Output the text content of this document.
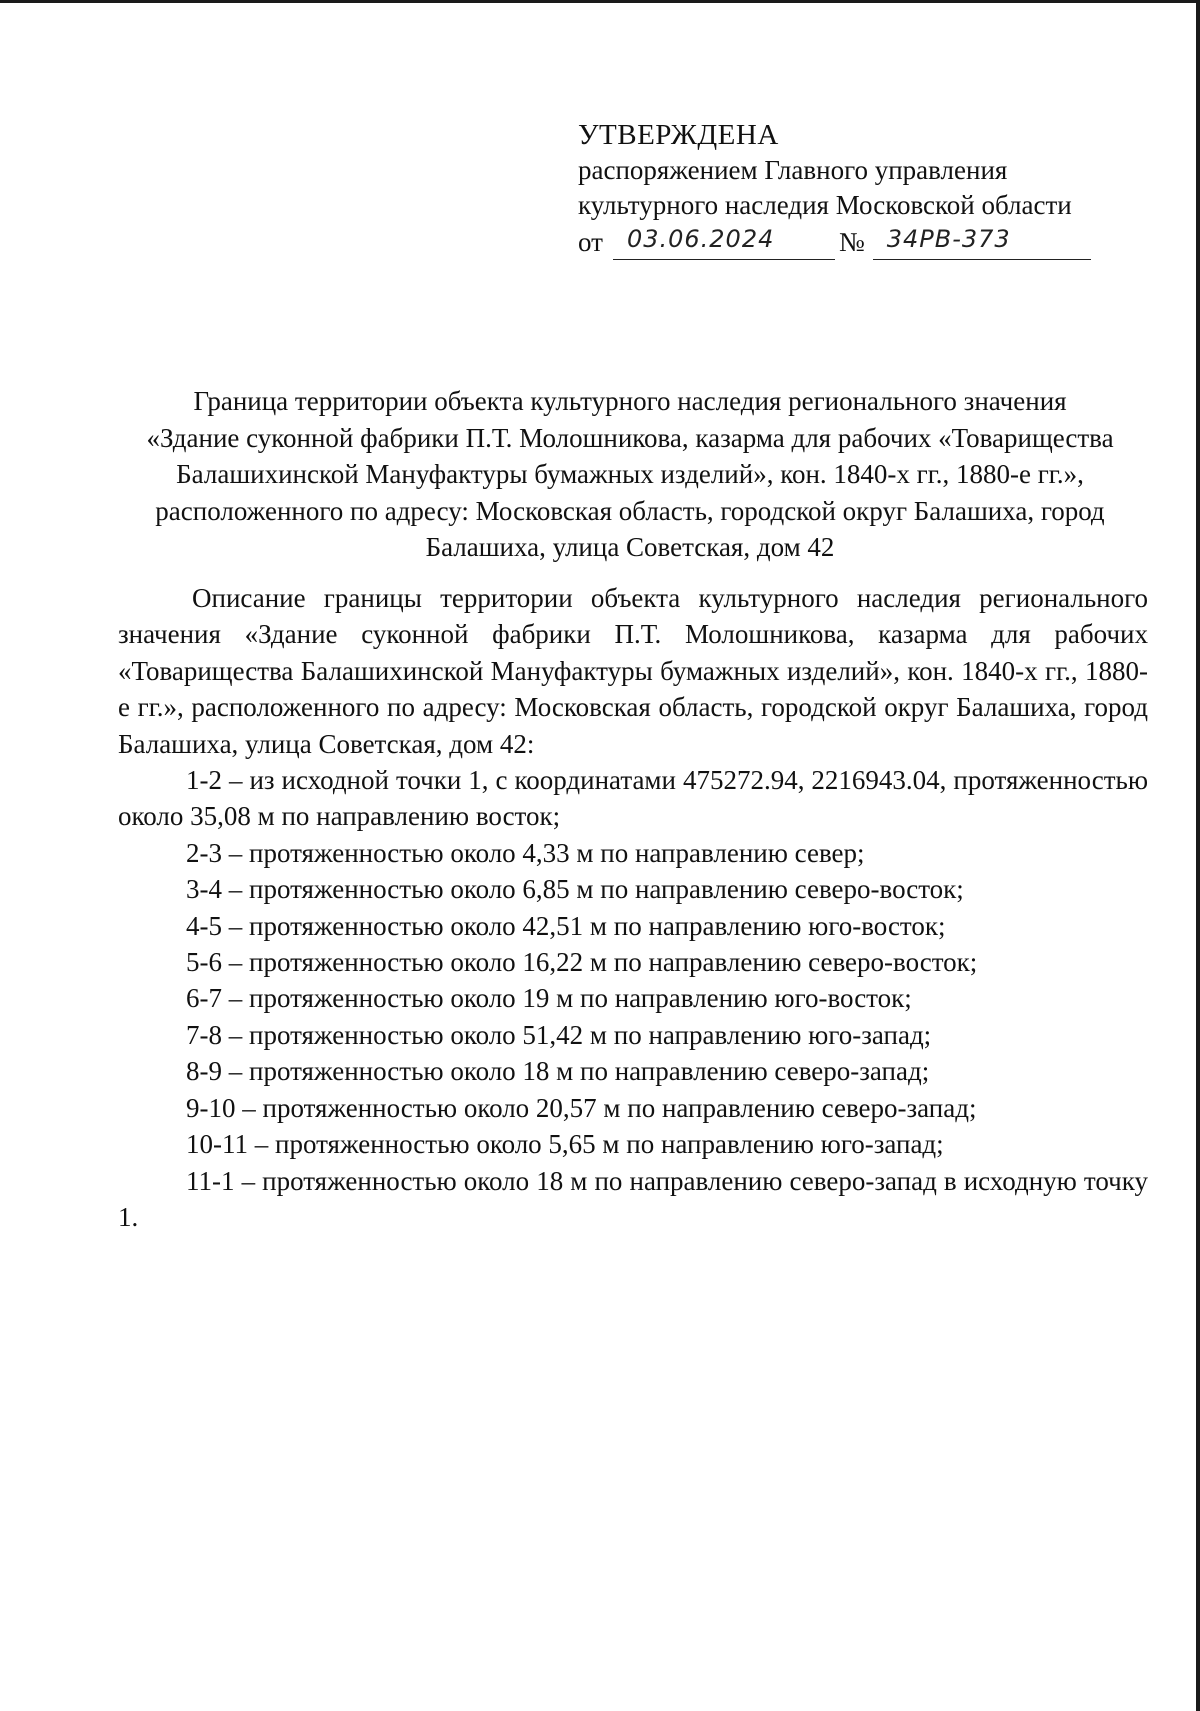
УТВЕРЖДЕНА
распоряжением Главного управления
культурного наследия Московской области
от 03.06.2024 № 34РВ-373
Граница территории объекта культурного наследия регионального значения
«Здание суконной фабрики П.Т. Молошникова, казарма для рабочих «Товарищества
Балашихинской Мануфактуры бумажных изделий», кон. 1840-х гг., 1880-е гг.»,
расположенного по адресу: Московская область, городской округ Балашиха, город
Балашиха, улица Советская, дом 42

Описание границы территории объекта культурного наследия регионального значения «Здание суконной фабрики П.Т. Молошникова, казарма для рабочих «Товарищества Балашихинской Мануфактуры бумажных изделий», кон. 1840-х гг., 1880-е гг.», расположенного по адресу: Московская область, городской округ Балашиха, город Балашиха, улица Советская, дом 42:

1-2 – из исходной точки 1, с координатами 475272.94, 2216943.04, протяженностью около 35,08 м по направлению восток;

2-3 – протяженностью около 4,33 м по направлению север;

3-4 – протяженностью около 6,85 м по направлению северо-восток;

4-5 – протяженностью около 42,51 м по направлению юго-восток;

5-6 – протяженностью около 16,22 м по направлению северо-восток;

6-7 – протяженностью около 19 м по направлению юго-восток;

7-8 – протяженностью около 51,42 м по направлению юго-запад;

8-9 – протяженностью около 18 м по направлению северо-запад;

9-10 – протяженностью около 20,57 м по направлению северо-запад;

10-11 – протяженностью около 5,65 м по направлению юго-запад;

11-1 – протяженностью около 18 м по направлению северо-запад в исходную точку 1.
